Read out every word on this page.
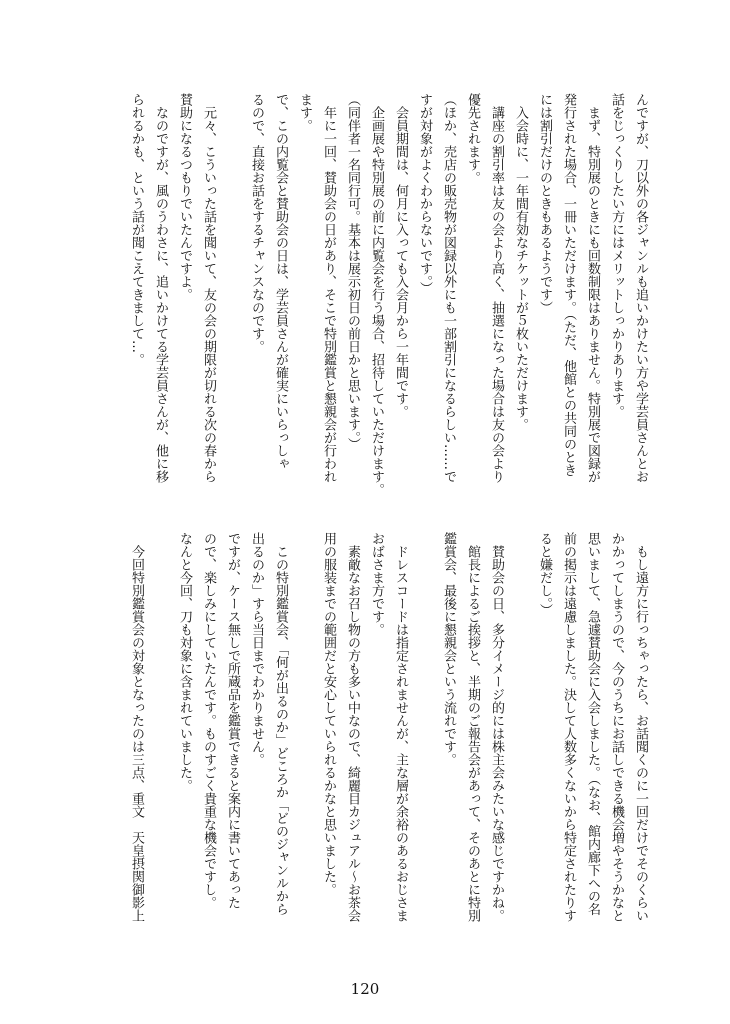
んですが、刀以外の各ジャンルも追いかけたい方や学芸員さんとお
話をじっくりしたい方にはメリットしっかりあります。
まず、特別展のときにも回数制限はありません。特別展で図録が
発行された場合、一冊いただけます。（ただ、他館との共同のとき
には割引だけのときもあるようです）
入会時に、一年間有効なチケットが５枚いただけます。
講座の割引率は友の会より高く、抽選になった場合は友の会より
優先されます。
（ほか、売店の販売物が図録以外にも一部割引になるらしい……で
すが対象がよくわからないです。）
会員期間は、何月に入っても入会月から一年間です。
企画展や特別展の前に内覧会を行う場合、招待していただけます。
（同伴者一名同行可。基本は展示初日の前日かと思います。）
年に一回、賛助会の日があり、そこで特別鑑賞と懇親会が行われ
ます。
で、この内覧会と賛助会の日は、学芸員さんが確実にいらっしゃ
るので、直接お話をするチャンスなのです。
元々、こういった話を聞いて、友の会の期限が切れる次の春から
賛助になるつもりでいたんですよ。
なのですが、風のうわさに、追いかけてる学芸員さんが、他に移
られるかも、という話が聞こえてきまして…。
もし遠方に行っちゃったら、お話聞くのに一回だけでそのくらい
かかってしまうので、今のうちにお話しできる機会増やそうかなと
思いまして、急遽賛助会に入会しました。（なお、館内廊下への名
前の掲示は遠慮しました。決して人数多くないから特定されたりす
ると嫌だし。）
賛助会の日、多分イメージ的には株主会みたいな感じですかね。
館長によるご挨拶と、半期のご報告会があって、そのあとに特別
鑑賞会、最後に懇親会という流れです。
ドレスコードは指定されませんが、主な層が余裕のあるおじさま
おばさま方です。
素敵なお召し物の方も多い中なので、綺麗目カジュアル～お茶会
用の服装までの範囲だと安心していられるかなと思いました。
この特別鑑賞会、「何が出るのか」どころか「どのジャンルから
出るのか」すら当日までわかりません。
ですが、ケース無しで所蔵品を鑑賞できると案内に書いてあった
ので、楽しみにしていたんです。ものすごく貴重な機会ですし。
なんと今回、刀も対象に含まれていました。
今回特別鑑賞会の対象となったのは三点、重文　天皇摂関御影上
120
